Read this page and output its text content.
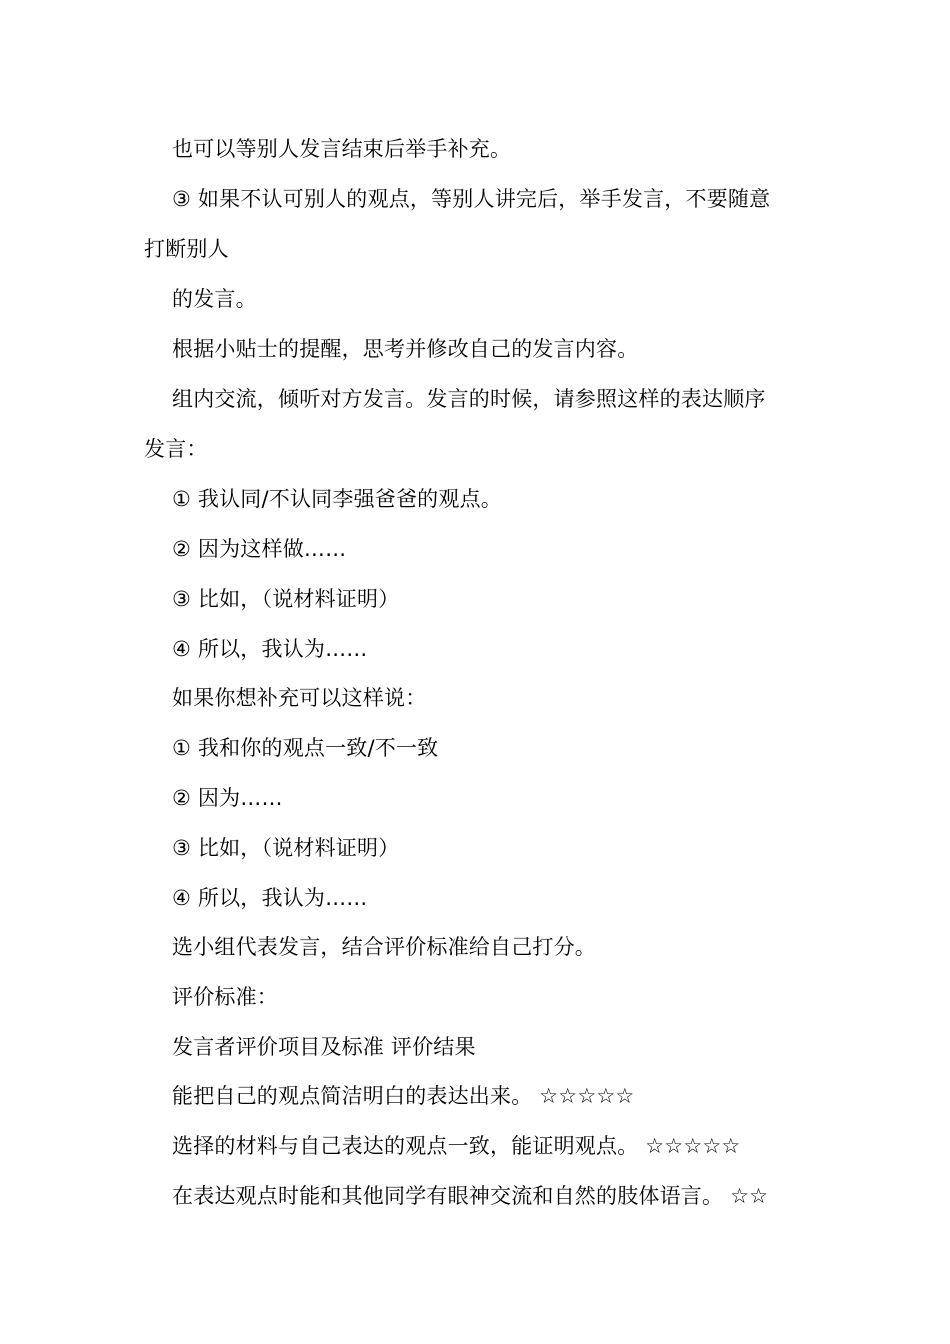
也可以等别人发言结束后举手补充。
③ 如果不认可别人的观点，等别人讲完后，举手发言，不要随意
打断别人
的发言。
根据小贴士的提醒，思考并修改自己的发言内容。
组内交流，倾听对方发言。发言的时候，请参照这样的表达顺序
发言：
① 我认同/不认同李强爸爸的观点。
② 因为这样做……
③ 比如，（说材料证明）
④ 所以，我认为……
如果你想补充可以这样说：
① 我和你的观点一致/不一致
② 因为……
③ 比如，（说材料证明）
④ 所以，我认为……
选小组代表发言，结合评价标准给自己打分。
评价标准：
发言者评价项目及标准 评价结果
能把自己的观点简洁明白的表达出来。 ☆☆☆☆☆
选择的材料与自己表达的观点一致，能证明观点。 ☆☆☆☆☆
在表达观点时能和其他同学有眼神交流和自然的肢体语言。 ☆☆
